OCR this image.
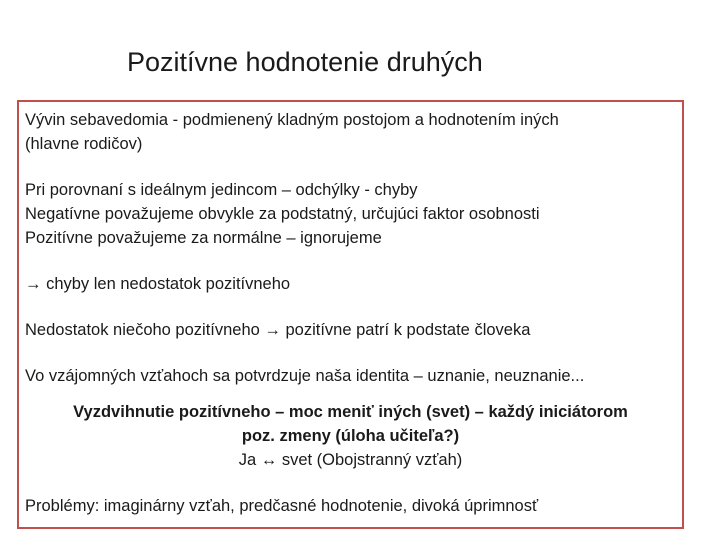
Pozitívne hodnotenie druhých
Vývin sebavedomia - podmienený kladným postojom a hodnotením iných
(hlavne rodičov)
Pri porovnaní s ideálnym jedincom – odchýlky - chyby
Negatívne považujeme obvykle za podstatný, určujúci faktor osobnosti
Pozitívne považujeme za normálne – ignorujeme
→ chyby len nedostatok pozitívneho
Nedostatok niečoho pozitívneho → pozitívne patrí k podstate človeka
Vo vzájomných vzťahoch sa potvrdzuje naša identita – uznanie, neuznanie...
Vyzdvihnutie pozitívneho – moc meniť iných (svet) – každý iniciátorom
poz. zmeny (úloha učiteľa?)
Ja ↔ svet (Obojstranný vzťah)
Problémy: imaginárny vzťah, predčasné hodnotenie, divoká úprimnosť
